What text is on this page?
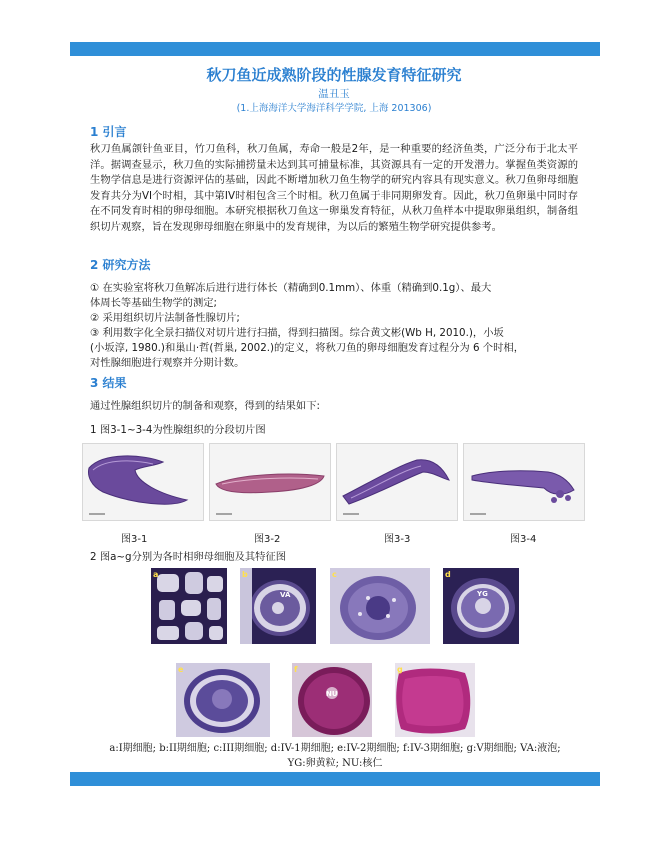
秋刀鱼近成熟阶段的性腺发育特征研究
温丑玉
(1.上海海洋大学海洋科学学院, 上海 201306)
1 引言
秋刀鱼属颌针鱼亚目，竹刀鱼科，秋刀鱼属，寿命一般是2年，是一种重要的经济鱼类，广泛分布于北太平洋。据调查显示，秋刀鱼的实际捕捞量未达到其可捕量标准，其资源具有一定的开发潜力。掌握鱼类资源的生物学信息是进行资源评估的基础，因此不断增加秋刀鱼生物学的研究内容具有现实意义。秋刀鱼卵母细胞发育共分为VI个时相，其中第IV时相包含三个时相。秋刀鱼属于非同期卵发育。因此，秋刀鱼卵巢中同时存在不同发育时相的卵母细胞。本研究根据秋刀鱼这一卵巢发育特征，从秋刀鱼样本中提取卵巢组织，制备组织切片观察，旨在发现卵母细胞在卵巢中的发育规律，为以后的繁殖生物学研究提供参考。
2 研究方法
① 在实验室将秋刀鱼解冻后进行进行体长（精确到0.1mm）、体重（精确到0.1g）、最大
体周长等基础生物学的测定;
② 采用组织切片法制备性腺切片;
③ 利用数字化全景扫描仪对切片进行扫描，得到扫描图。综合黄文彬(Wb H, 2010.)，小坂
(小坂淳, 1980.)和巢山·哲(哲巢, 2002.)的定义，将秋刀鱼的卵母细胞发育过程分为 6 个时相，
对性腺细胞进行观察并分期计数。
3 结果
通过性腺组织切片的制备和观察，得到的结果如下:
1 图3-1~3-4为性腺组织的分段切片图
图3-1	图3-2	图3-3	图3-4
2 图a~g分别为各时相卵母细胞及其特征图
a	b
VA
c	d
YG
e	f
NU
g
a:I期细胞; b:II期细胞; c:III期细胞; d:IV-1期细胞; e:IV-2期细胞; f:IV-3期细胞; g:V期细胞; VA:液泡;
YG:卵黄粒; NU:核仁
